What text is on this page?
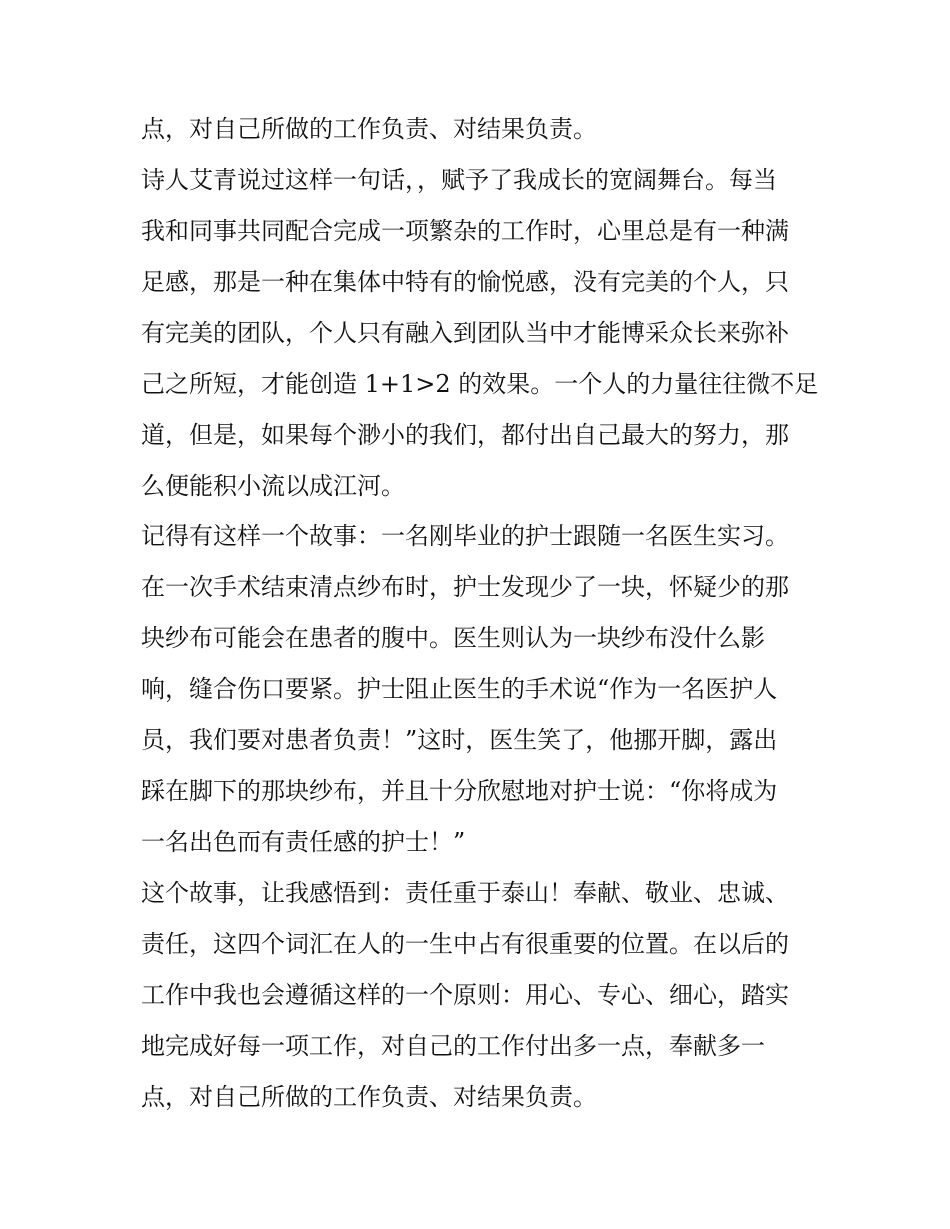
点，对自己所做的工作负责、对结果负责。
诗人艾青说过这样一句话，，赋予了我成长的宽阔舞台。每当
我和同事共同配合完成一项繁杂的工作时，心里总是有一种满
足感，那是一种在集体中特有的愉悦感，没有完美的个人，只
有完美的团队，个人只有融入到团队当中才能博采众长来弥补
己之所短，才能创造 1+1>2 的效果。一个人的力量往往微不足
道，但是，如果每个渺小的我们，都付出自己最大的努力，那
么便能积小流以成江河。
记得有这样一个故事：一名刚毕业的护士跟随一名医生实习。
在一次手术结束清点纱布时，护士发现少了一块，怀疑少的那
块纱布可能会在患者的腹中。医生则认为一块纱布没什么影
响，缝合伤口要紧。护士阻止医生的手术说“作为一名医护人
员，我们要对患者负责！”这时，医生笑了，他挪开脚，露出
踩在脚下的那块纱布，并且十分欣慰地对护士说：“你将成为
一名出色而有责任感的护士！”
这个故事，让我感悟到：责任重于泰山！奉献、敬业、忠诚、
责任，这四个词汇在人的一生中占有很重要的位置。在以后的
工作中我也会遵循这样的一个原则：用心、专心、细心，踏实
地完成好每一项工作，对自己的工作付出多一点，奉献多一
点，对自己所做的工作负责、对结果负责。
